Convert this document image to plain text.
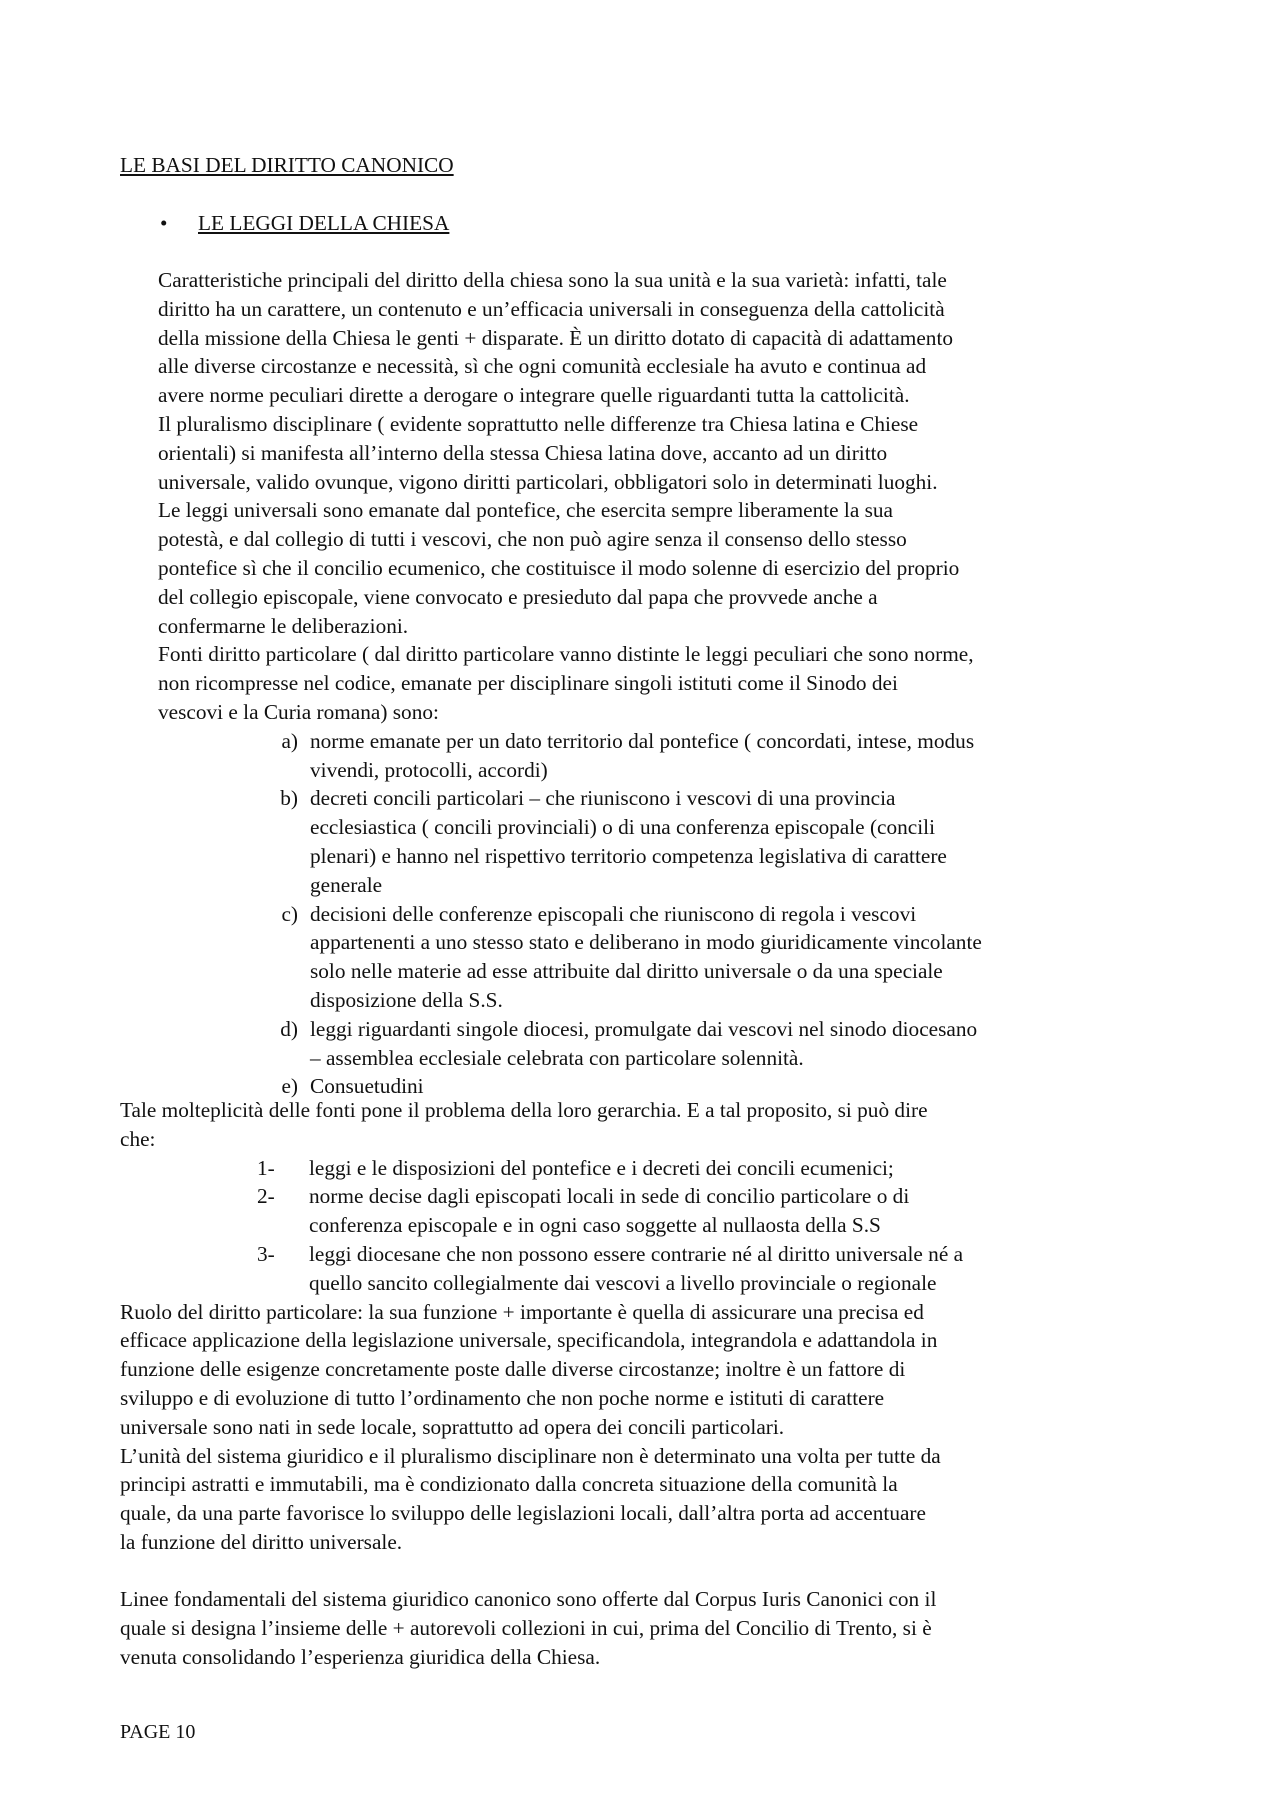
LE BASI DEL DIRITTO CANONICO
• LE LEGGI DELLA CHIESA
Caratteristiche principali del diritto della chiesa sono la sua unità e la sua varietà: infatti, tale
diritto ha un carattere, un contenuto e un’efficacia universali in conseguenza della cattolicità
della missione della Chiesa le genti + disparate. È un diritto dotato di capacità di adattamento
alle diverse circostanze e necessità, sì che ogni comunità ecclesiale ha avuto e continua ad
avere norme peculiari dirette a derogare o integrare quelle riguardanti tutta la cattolicità.
Il pluralismo disciplinare ( evidente soprattutto nelle differenze tra Chiesa latina e Chiese
orientali) si manifesta all’interno della stessa Chiesa latina dove, accanto ad un diritto
universale, valido ovunque, vigono diritti particolari, obbligatori solo in determinati luoghi.
Le leggi universali sono emanate dal pontefice, che esercita sempre liberamente la sua
potestà, e dal collegio di tutti i vescovi, che non può agire senza il consenso dello stesso
pontefice sì che il concilio ecumenico, che costituisce il modo solenne di esercizio del proprio
del collegio episcopale, viene convocato e presieduto dal papa che provvede anche a
confermarne le deliberazioni.
Fonti diritto particolare ( dal diritto particolare vanno distinte le leggi peculiari che sono norme,
non ricompresse nel codice, emanate per disciplinare singoli istituti come il Sinodo dei
vescovi e la Curia romana) sono:
a) norme emanate per un dato territorio dal pontefice ( concordati, intese, modus
vivendi, protocolli, accordi)
b) decreti concili particolari – che riuniscono i vescovi di una provincia
ecclesiastica ( concili provinciali) o di una conferenza episcopale (concili
plenari) e hanno nel rispettivo territorio competenza legislativa di carattere
generale
c) decisioni delle conferenze episcopali che riuniscono di regola i vescovi
appartenenti a uno stesso stato e deliberano in modo giuridicamente vincolante
solo nelle materie ad esse attribuite dal diritto universale o da una speciale
disposizione della S.S.
d) leggi riguardanti singole diocesi, promulgate dai vescovi nel sinodo diocesano
– assemblea ecclesiale celebrata con particolare solennità.
e) Consuetudini
Tale molteplicità delle fonti pone il problema della loro gerarchia. E a tal proposito, si può dire
che:
1-	leggi e le disposizioni del pontefice e i decreti dei concili ecumenici;
2-	norme decise dagli episcopati locali in sede di concilio particolare o di
conferenza episcopale e in ogni caso soggette al nullaosta della S.S
3-	leggi diocesane che non possono essere contrarie né al diritto universale né a
quello sancito collegialmente dai vescovi a livello provinciale o regionale
Ruolo del diritto particolare: la sua funzione + importante è quella di assicurare una precisa ed
efficace applicazione della legislazione universale, specificandola, integrandola e adattandola in
funzione delle esigenze concretamente poste dalle diverse circostanze; inoltre è un fattore di
sviluppo e di evoluzione di tutto l’ordinamento che non poche norme e istituti di carattere
universale sono nati in sede locale, soprattutto ad opera dei concili particolari.
L’unità del sistema giuridico e il pluralismo disciplinare non è determinato una volta per tutte da
principi astratti e immutabili, ma è condizionato dalla concreta situazione della comunità la
quale, da una parte favorisce lo sviluppo delle legislazioni locali, dall’altra porta ad accentuare
la funzione del diritto universale.
Linee fondamentali del sistema giuridico canonico sono offerte dal Corpus Iuris Canonici con il
quale si designa l’insieme delle + autorevoli collezioni in cui, prima del Concilio di Trento, si è
venuta consolidando l’esperienza giuridica della Chiesa.
PAGE 10
